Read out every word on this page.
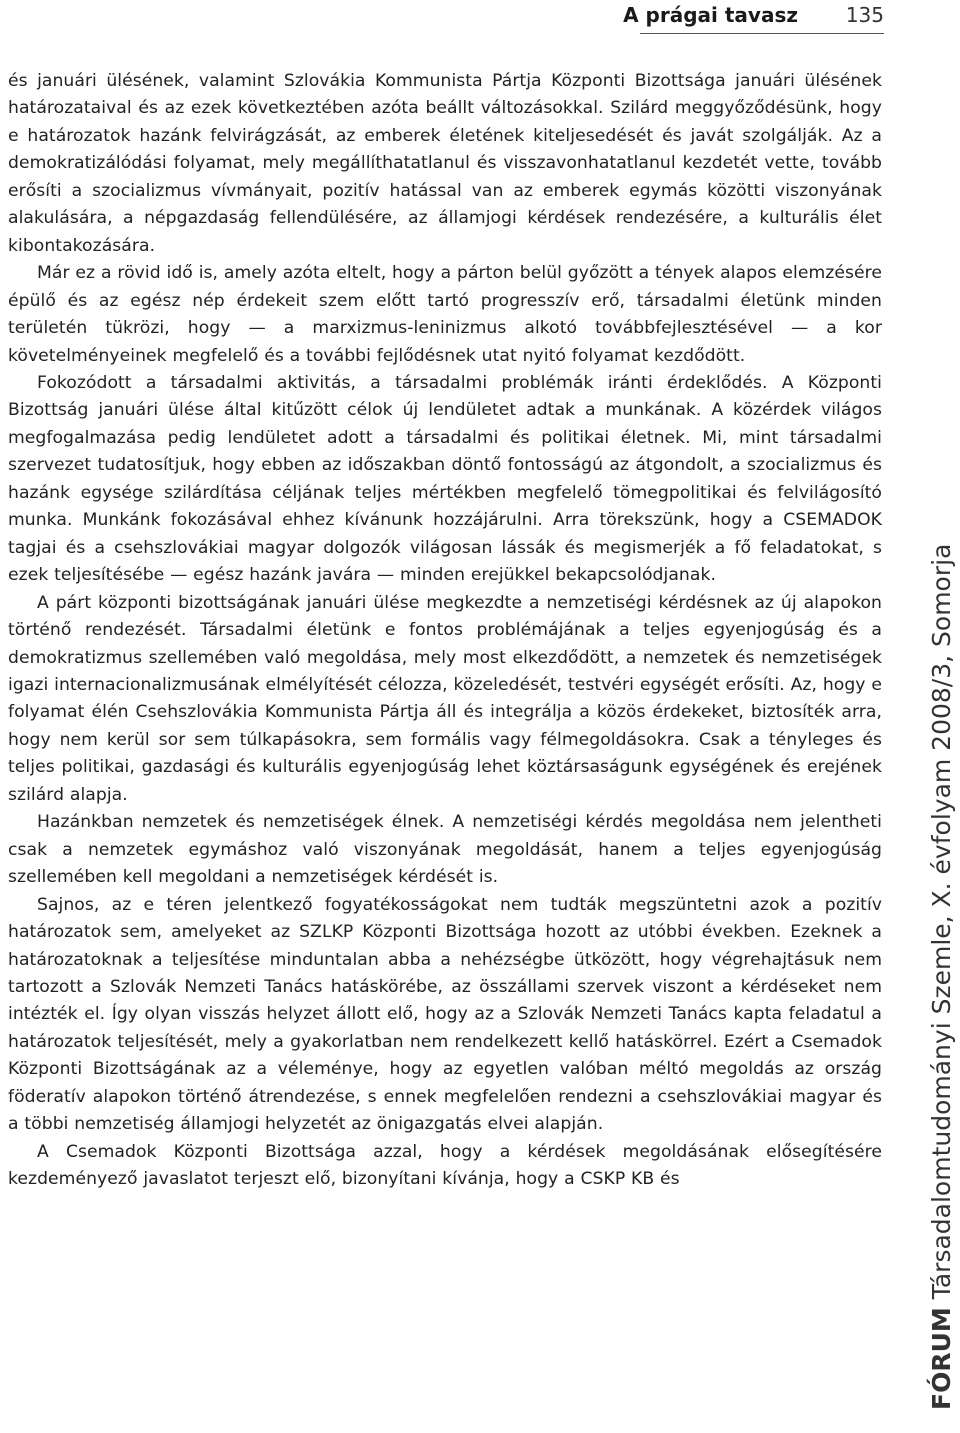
A prágai tavasz 135

és januári ülésének, valamint Szlovákia Kommunista Pártja Központi Bizottsága januári ülésének határozataival és az ezek következtében azóta beállt változásokkal. Szilárd meggyőződésünk, hogy e határozatok hazánk felvirágzását, az emberek életének kiteljesedését és javát szolgálják. Az a demokratizálódási folyamat, mely megállíthatatlanul és visszavonhatatlanul kezdetét vette, tovább erősíti a szocializmus vívmányait, pozitív hatással van az emberek egymás közötti viszonyának alakulására, a népgazdaság fellendülésére, az államjogi kérdések rendezésére, a kulturális élet kibontakozására.

Már ez a rövid idő is, amely azóta eltelt, hogy a párton belül győzött a tények alapos elemzésére épülő és az egész nép érdekeit szem előtt tartó progresszív erő, társadalmi életünk minden területén tükrözi, hogy — a marxizmus-leninizmus alkotó továbbfejlesztésével — a kor követelményeinek megfelelő és a további fejlődésnek utat nyitó folyamat kezdődött.

Fokozódott a társadalmi aktivitás, a társadalmi problémák iránti érdeklődés. A Központi Bizottság januári ülése által kitűzött célok új lendületet adtak a munkának. A közérdek világos megfogalmazása pedig lendületet adott a társadalmi és politikai életnek. Mi, mint társadalmi szervezet tudatosítjuk, hogy ebben az időszakban döntő fontosságú az átgondolt, a szocializmus és hazánk egysége szilárdítása céljának teljes mértékben megfelelő tömegpolitikai és felvilágosító munka. Munkánk fokozásával ehhez kívánunk hozzájárulni. Arra törekszünk, hogy a CSEMADOK tagjai és a csehszlovákiai magyar dolgozók világosan lássák és megismerjék a fő feladatokat, s ezek teljesítésébe — egész hazánk javára — minden erejükkel bekapcsolódjanak.

A párt központi bizottságának januári ülése megkezdte a nemzetiségi kérdésnek az új alapokon történő rendezését. Társadalmi életünk e fontos problémájának a teljes egyenjogúság és a demokratizmus szellemében való megoldása, mely most elkezdődött, a nemzetek és nemzetiségek igazi internacionalizmusának elmélyítését célozza, közeledését, testvéri egységét erősíti. Az, hogy e folyamat élén Csehszlovákia Kommunista Pártja áll és integrálja a közös érdekeket, biztosíték arra, hogy nem kerül sor sem túlkapásokra, sem formális vagy félmegoldásokra. Csak a tényleges és teljes politikai, gazdasági és kulturális egyenjogúság lehet köztársaságunk egységének és erejének szilárd alapja.

Hazánkban nemzetek és nemzetiségek élnek. A nemzetiségi kérdés megoldása nem jelentheti csak a nemzetek egymáshoz való viszonyának megoldását, hanem a teljes egyenjogúság szellemében kell megoldani a nemzetiségek kérdését is.

Sajnos, az e téren jelentkező fogyatékosságokat nem tudták megszüntetni azok a pozitív határozatok sem, amelyeket az SZLKP Központi Bizottsága hozott az utóbbi években. Ezeknek a határozatoknak a teljesítése minduntalan abba a nehézségbe ütközött, hogy végrehajtásuk nem tartozott a Szlovák Nemzeti Tanács hatáskörébe, az összállami szervek viszont a kérdéseket nem intézték el. Így olyan visszás helyzet állott elő, hogy az a Szlovák Nemzeti Tanács kapta feladatul a határozatok teljesítését, mely a gyakorlatban nem rendelkezett kellő hatáskörrel. Ezért a Csemadok Központi Bizottságának az a véleménye, hogy az egyetlen valóban méltó megoldás az ország föderatív alapokon történő átrendezése, s ennek megfelelően rendezni a csehszlovákiai magyar és a többi nemzetiség államjogi helyzetét az önigazgatás elvei alapján.

A Csemadok Központi Bizottsága azzal, hogy a kérdések megoldásának elősegítésére kezdeményező javaslatot terjeszt elő, bizonyítani kívánja, hogy a CSKP KB és

FÓRUM Társadalomtudományi Szemle, X. évfolyam 2008/3, Somorja
